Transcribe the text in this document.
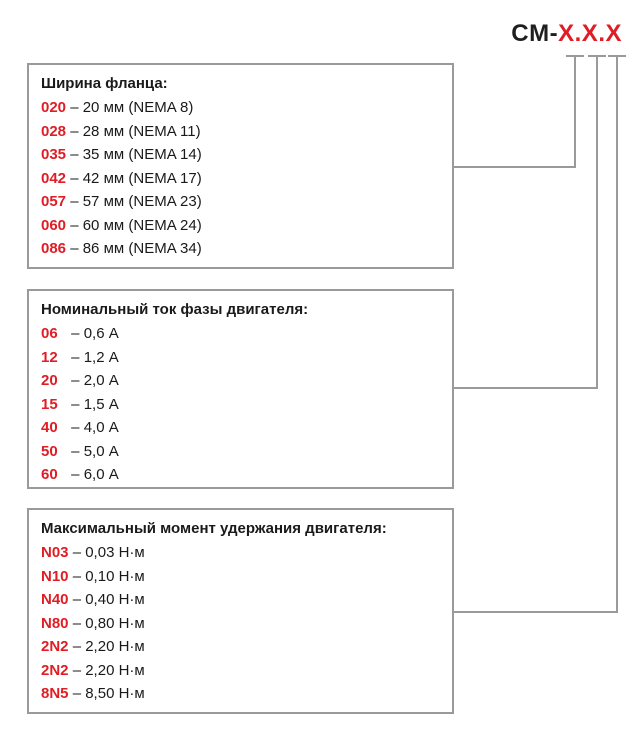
CM-X.X.X
Ширина фланца:
020 – 20 мм (NEMA 8)
028 – 28 мм (NEMA 11)
035 – 35 мм (NEMA 14)
042 – 42 мм (NEMA 17)
057 – 57 мм (NEMA 23)
060 – 60 мм (NEMA 24)
086 – 86 мм (NEMA 34)
Номинальный ток фазы двигателя:
06 – 0,6 А
12 – 1,2 А
20 – 2,0 А
15 – 1,5 А
40 – 4,0 А
50 – 5,0 А
60 – 6,0 А
Максимальный момент удержания двигателя:
N03 – 0,03 Н·м
N10 – 0,10 Н·м
N40 – 0,40 Н·м
N80 – 0,80 Н·м
2N2 – 2,20 Н·м
2N2 – 2,20 Н·м
8N5 – 8,50 Н·м
